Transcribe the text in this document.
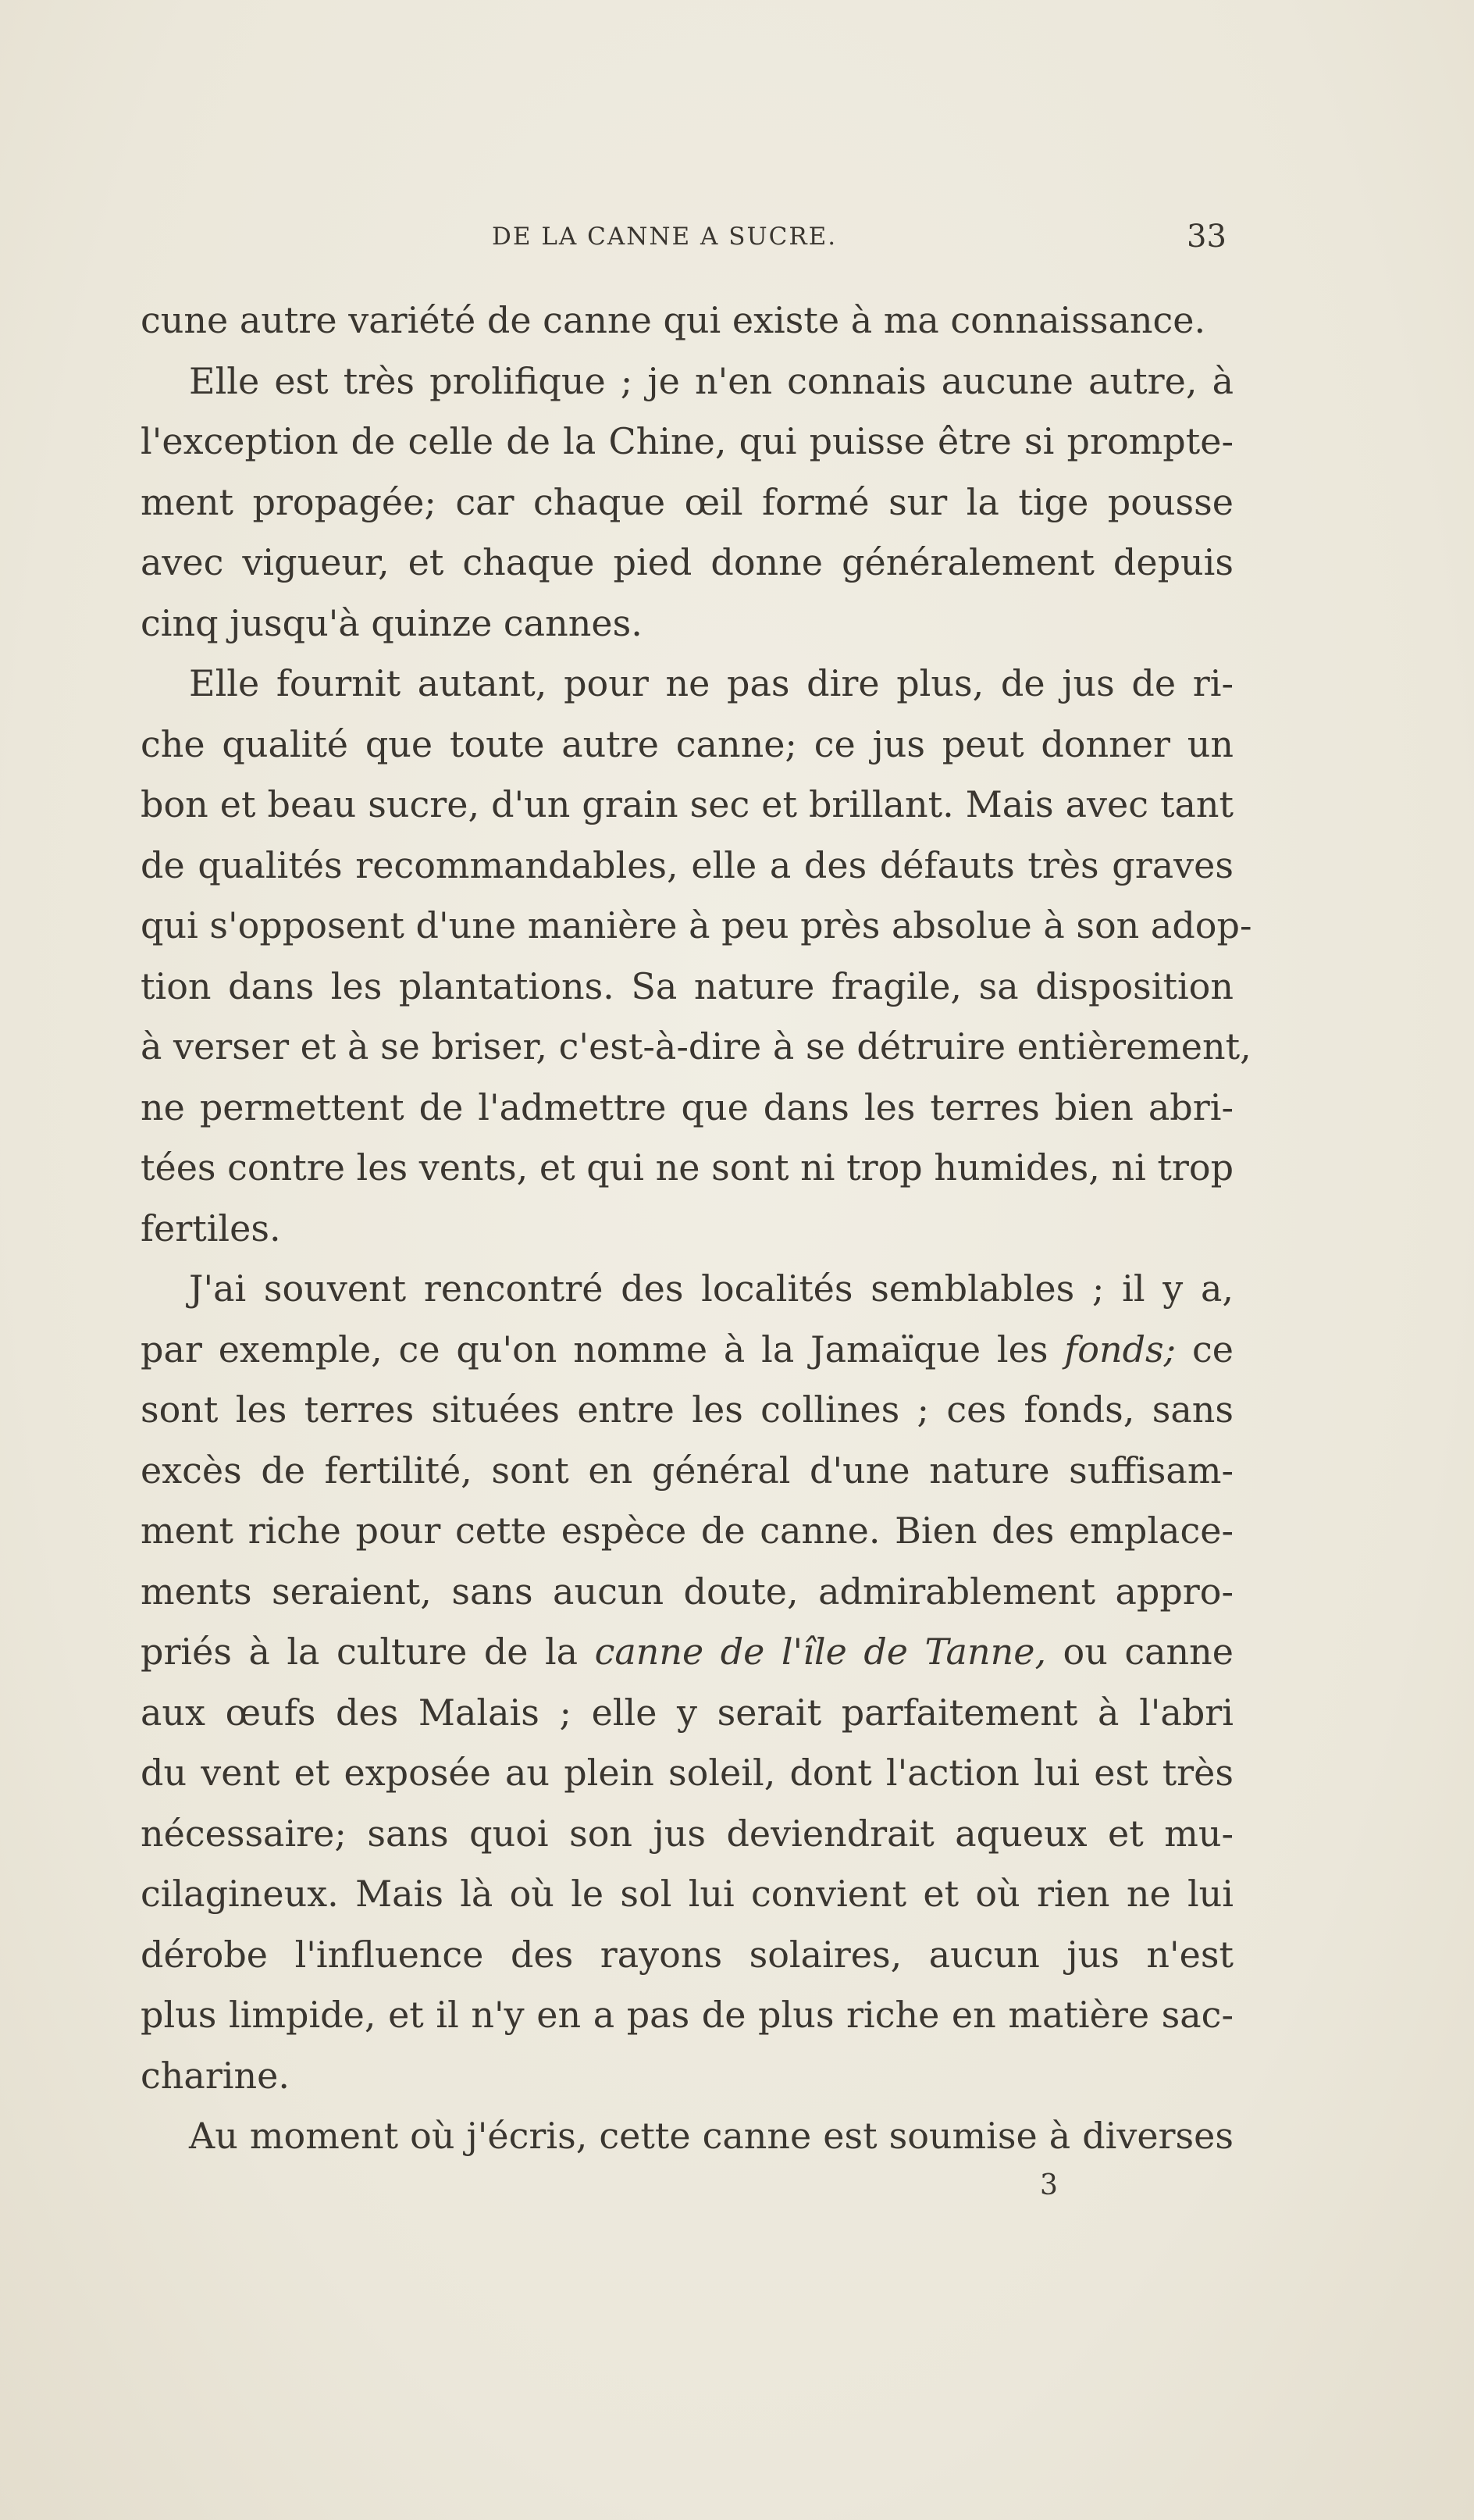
DE LA CANNE A SUCRE.	33
cune autre variété de canne qui existe à ma connaissance.
Elle est très prolifique ; je n'en connais aucune autre, à
l'exception de celle de la Chine, qui puisse être si prompte-
ment propagée; car chaque œil formé sur la tige pousse
avec vigueur, et chaque pied donne généralement depuis
cinq jusqu'à quinze cannes.
Elle fournit autant, pour ne pas dire plus, de jus de ri-
che qualité que toute autre canne; ce jus peut donner un
bon et beau sucre, d'un grain sec et brillant. Mais avec tant
de qualités recommandables, elle a des défauts très graves
qui s'opposent d'une manière à peu près absolue à son adop-
tion dans les plantations. Sa nature fragile, sa disposition
à verser et à se briser, c'est-à-dire à se détruire entièrement,
ne permettent de l'admettre que dans les terres bien abri-
tées contre les vents, et qui ne sont ni trop humides, ni trop
fertiles.
J'ai souvent rencontré des localités semblables ; il y a,
par exemple, ce qu'on nomme à la Jamaïque les fonds; ce
sont les terres situées entre les collines ; ces fonds, sans
excès de fertilité, sont en général d'une nature suffisam-
ment riche pour cette espèce de canne. Bien des emplace-
ments seraient, sans aucun doute, admirablement appro-
priés à la culture de la canne de l'île de Tanne, ou canne
aux œufs des Malais ; elle y serait parfaitement à l'abri
du vent et exposée au plein soleil, dont l'action lui est très
nécessaire; sans quoi son jus deviendrait aqueux et mu-
cilagineux. Mais là où le sol lui convient et où rien ne lui
dérobe l'influence des rayons solaires, aucun jus n'est
plus limpide, et il n'y en a pas de plus riche en matière sac-
charine.
Au moment où j'écris, cette canne est soumise à diverses
3
